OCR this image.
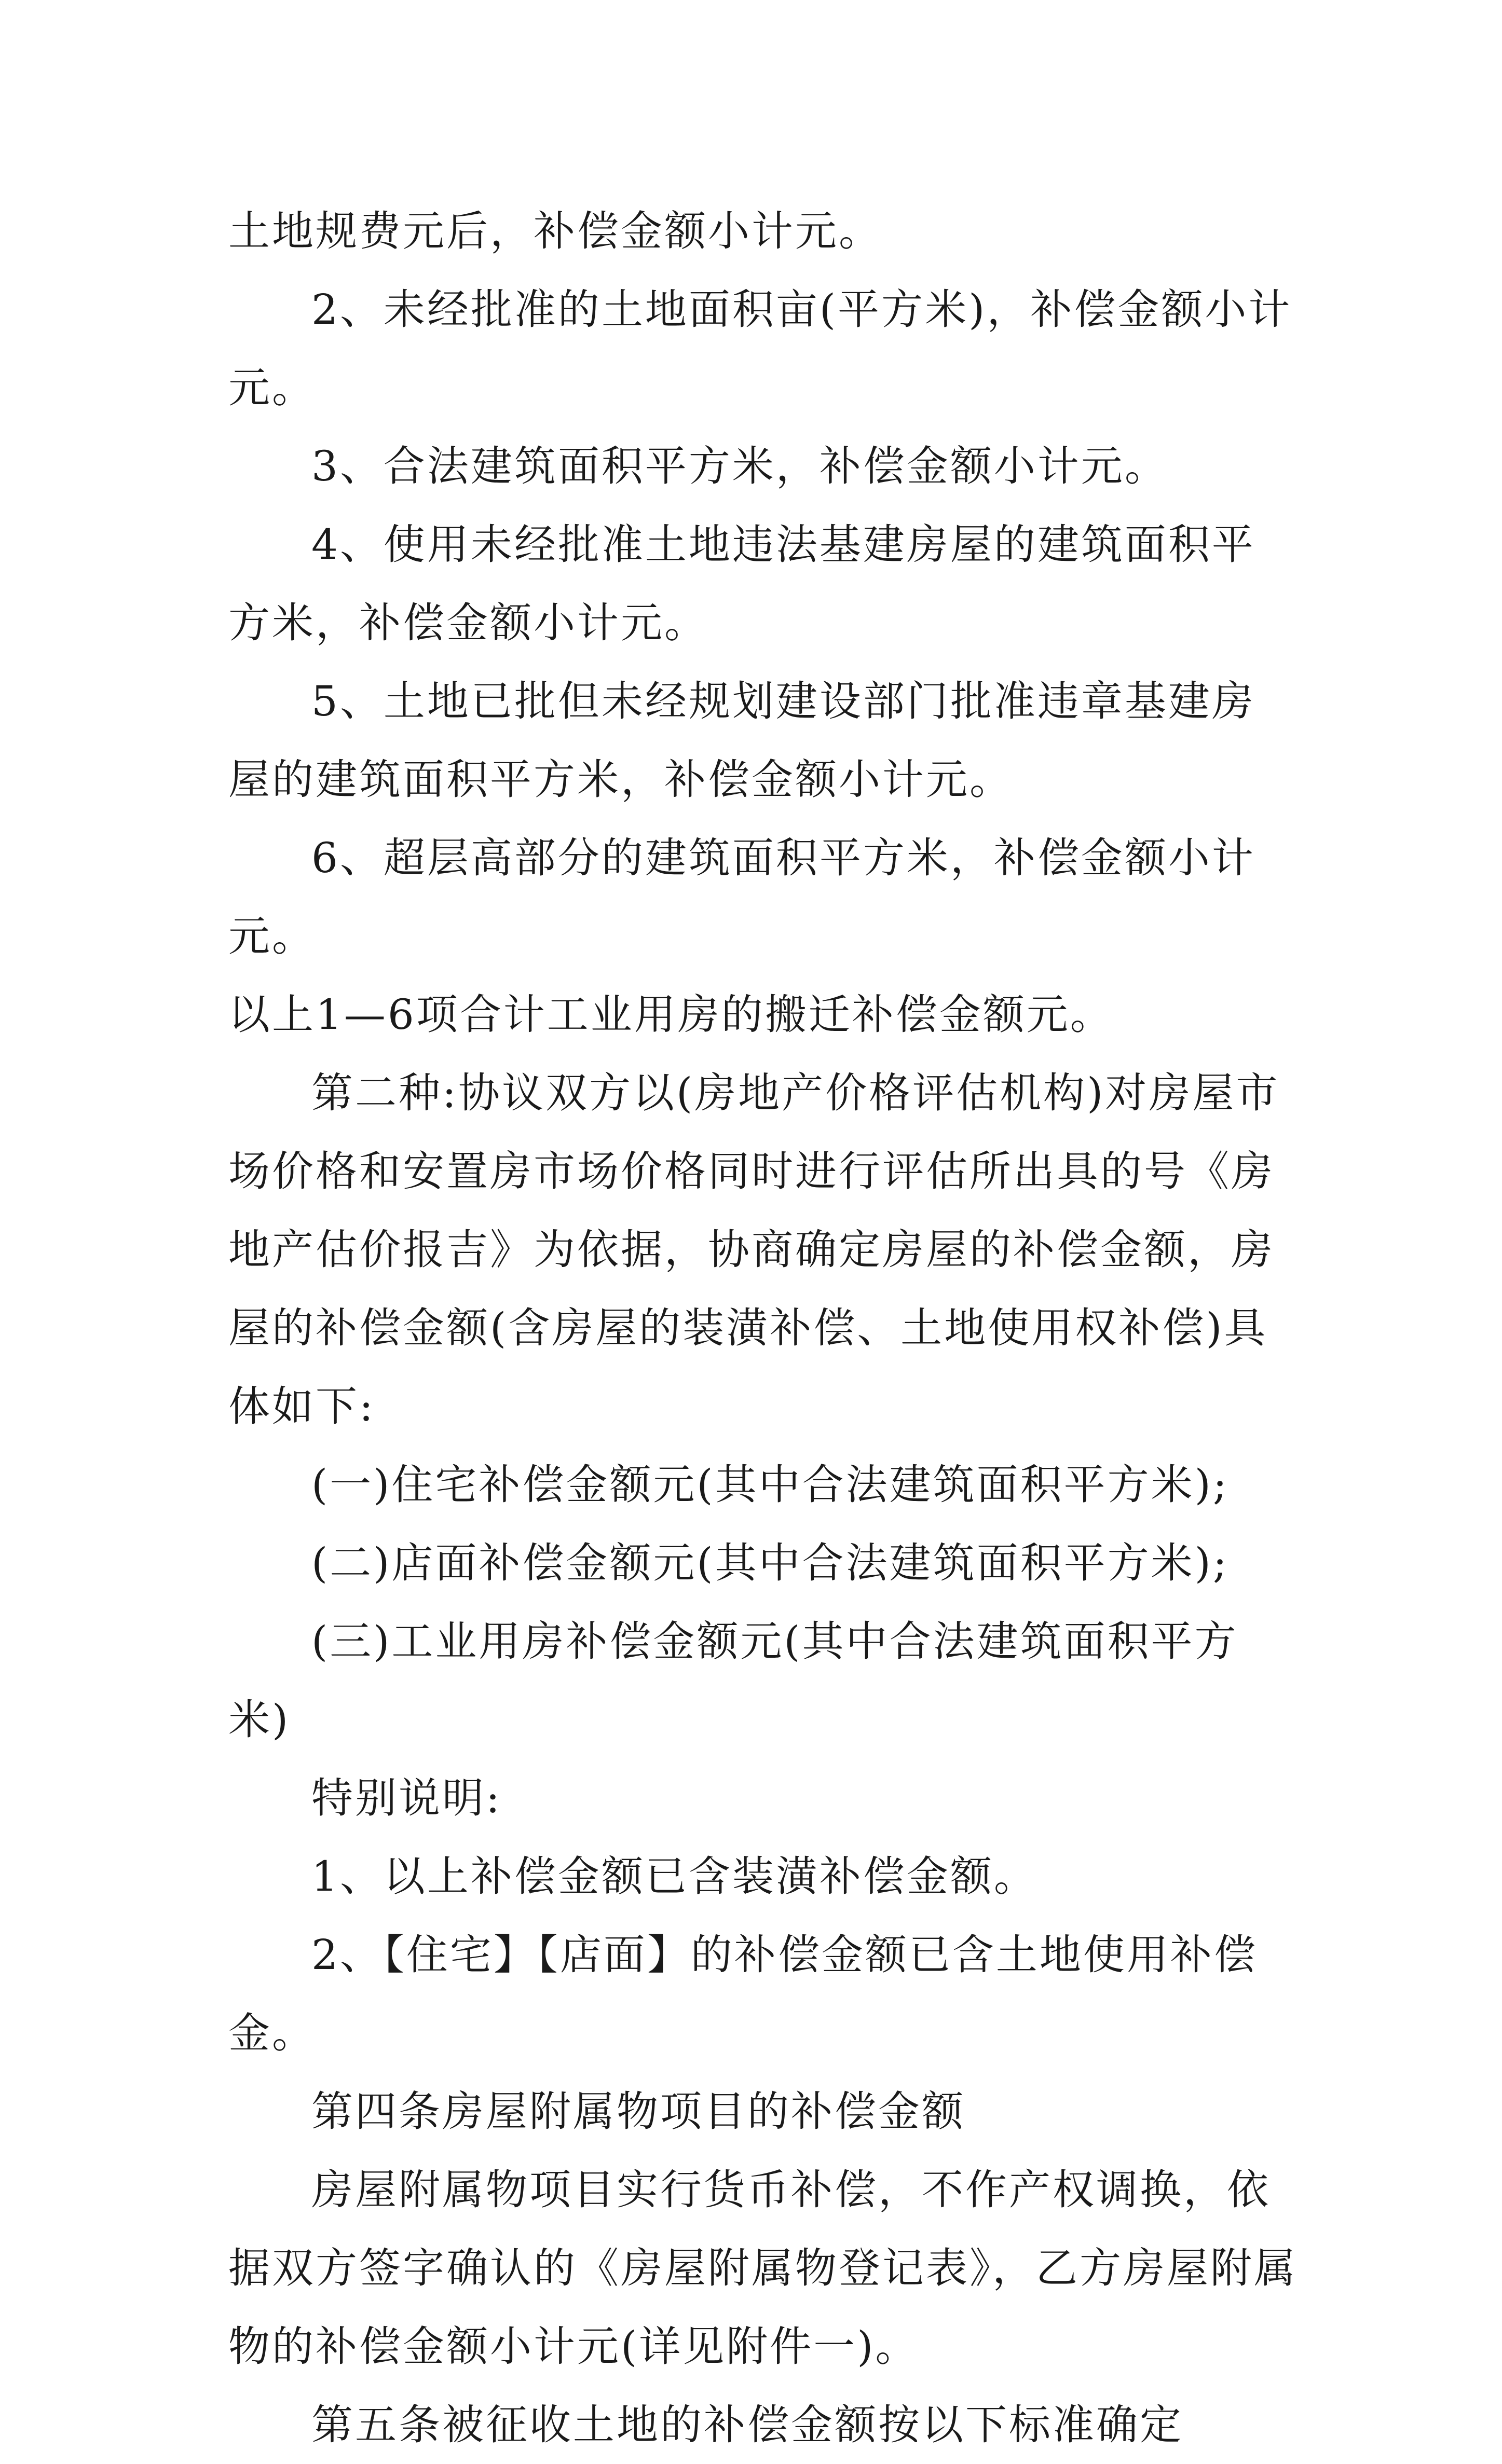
土地规费元后，补偿金额小计元。

2、未经批准的土地面积亩(平方米)，补偿金额小计元。

3、合法建筑面积平方米，补偿金额小计元。

4、使用未经批准土地违法基建房屋的建筑面积平方米，补偿金额小计元。

5、土地已批但未经规划建设部门批准违章基建房屋的建筑面积平方米，补偿金额小计元。

6、超层高部分的建筑面积平方米，补偿金额小计元。

以上1—6项合计工业用房的搬迁补偿金额元。

第二种:协议双方以(房地产价格评估机构)对房屋市场价格和安置房市场价格同时进行评估所出具的号《房地产估价报吉》为依据，协商确定房屋的补偿金额，房屋的补偿金额(含房屋的装潢补偿、土地使用权补偿)具体如下:

(一)住宅补偿金额元(其中合法建筑面积平方米);

(二)店面补偿金额元(其中合法建筑面积平方米);

(三)工业用房补偿金额元(其中合法建筑面积平方米)

特别说明:

1、以上补偿金额已含装潢补偿金额。

2、【住宅】【店面】的补偿金额已含土地使用补偿金。

第四条房屋附属物项目的补偿金额

房屋附属物项目实行货币补偿，不作产权调换，依据双方签字确认的《房屋附属物登记表》，乙方房屋附属物的补偿金额小计元(详见附件一)。

第五条被征收土地的补偿金额按以下标准确定
